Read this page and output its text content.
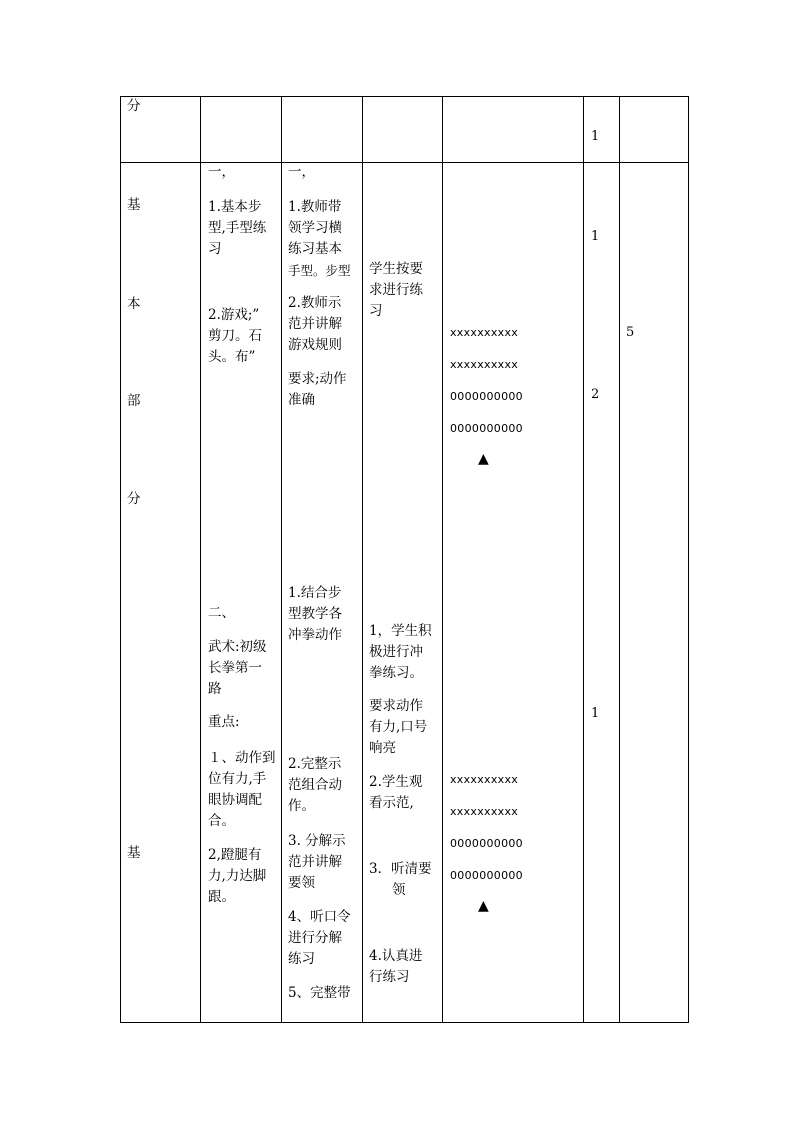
分
1
基
本
部
分
基
一，
1.基本步
型,手型练
习
2.游戏;”
剪刀。石
头。布”
一，
1.教师带
领学习横
练习基本
手型。步型
2.教师示
范并讲解
游戏规则
要求;动作
准确
学生按要
求进行练
习
xxxxxxxxxx
xxxxxxxxxx
0000000000
0000000000
▲
1
2
5
二、
武术:初级
长拳第一
路
重点:
１、动作到
位有力,手
眼协调配
合。
2,蹬腿有
力,力达脚
跟。
1.结合步
型教学各
冲拳动作
2.完整示
范组合动
作。
3. 分解示
范并讲解
要领
4、听口令
进行分解
练习
5、完整带
1，学生积
极进行冲
拳练习。
要求动作
有力,口号
响亮
2.学生观
看示范,
3．听清要
领
4.认真进
行练习
xxxxxxxxxx
xxxxxxxxxx
0000000000
0000000000
▲
1
